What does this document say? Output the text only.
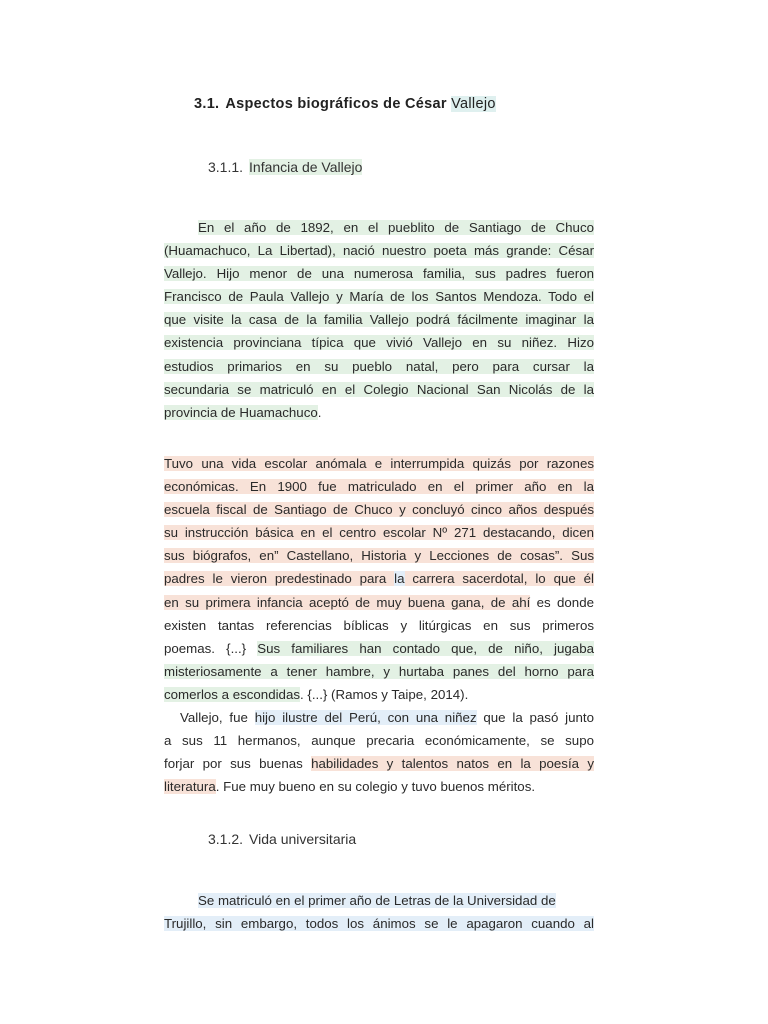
3.1. Aspectos biográficos de César Vallejo
3.1.1. Infancia de Vallejo
En el año de 1892, en el pueblito de Santiago de Chuco
(Huamachuco, La Libertad), nació nuestro poeta más grande: César
Vallejo. Hijo menor de una numerosa familia, sus padres fueron
Francisco de Paula Vallejo y María de los Santos Mendoza. Todo el
que visite la casa de la familia Vallejo podrá fácilmente imaginar la
existencia provinciana típica que vivió Vallejo en su niñez. Hizo
estudios primarios en su pueblo natal, pero para cursar la
secundaria se matriculó en el Colegio Nacional San Nicolás de la
provincia de Huamachuco.
Tuvo una vida escolar anómala e interrumpida quizás por razones
económicas. En 1900 fue matriculado en el primer año en la
escuela fiscal de Santiago de Chuco y concluyó cinco años después
su instrucción básica en el centro escolar Nº 271 destacando, dicen
sus biógrafos, en” Castellano, Historia y Lecciones de cosas”. Sus
padres le vieron predestinado para la carrera sacerdotal, lo que él
en su primera infancia aceptó de muy buena gana, de ahí es donde
existen tantas referencias bíblicas y litúrgicas en sus primeros
poemas. {...} Sus familiares han contado que, de niño, jugaba
misteriosamente a tener hambre, y hurtaba panes del horno para
comerlos a escondidas. {...} (Ramos y Taipe, 2014).
Vallejo, fue hijo ilustre del Perú, con una niñez que la pasó junto
a sus 11 hermanos, aunque precaria económicamente, se supo
forjar por sus buenas habilidades y talentos natos en la poesía y
literatura. Fue muy bueno en su colegio y tuvo buenos méritos.
3.1.2. Vida universitaria
Se matriculó en el primer año de Letras de la Universidad de
Trujillo, sin embargo, todos los ánimos se le apagaron cuando al
